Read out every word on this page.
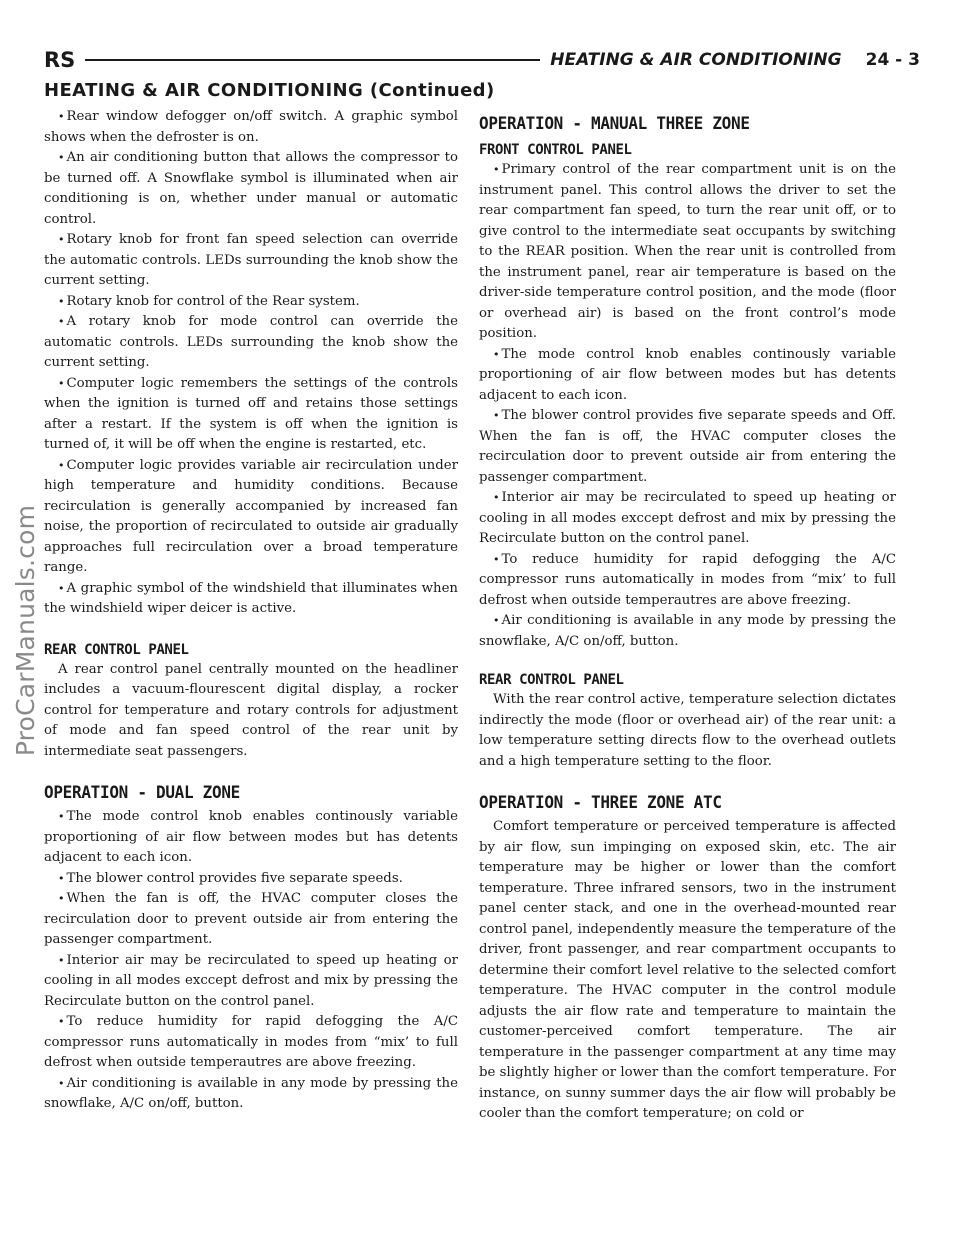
ProCarManuals.com
RS	HEATING & AIR CONDITIONING 24 - 3
HEATING & AIR CONDITIONING (Continued)

• Rear window defogger on/off switch. A graphic symbol shows when the defroster is on.

• An air conditioning button that allows the compressor to be turned off. A Snowflake symbol is illuminated when air conditioning is on, whether under manual or automatic control.

• Rotary knob for front fan speed selection can override the automatic controls. LEDs surrounding the knob show the current setting.

• Rotary knob for control of the Rear system.

• A rotary knob for mode control can override the automatic controls. LEDs surrounding the knob show the current setting.

• Computer logic remembers the settings of the controls when the ignition is turned off and retains those settings after a restart. If the system is off when the ignition is turned of, it will be off when the engine is restarted, etc.

• Computer logic provides variable air recirculation under high temperature and humidity conditions. Because recirculation is generally accompanied by increased fan noise, the proportion of recirculated to outside air gradually approaches full recirculation over a broad temperature range.

• A graphic symbol of the windshield that illuminates when the windshield wiper deicer is active.

REAR CONTROL PANEL

A rear control panel centrally mounted on the headliner includes a vacuum-flourescent digital display, a rocker control for temperature and rotary controls for adjustment of mode and fan speed control of the rear unit by intermediate seat passengers.

OPERATION - DUAL ZONE

• The mode control knob enables continously variable proportioning of air flow between modes but has detents adjacent to each icon.

• The blower control provides five separate speeds.

• When the fan is off, the HVAC computer closes the recirculation door to prevent outside air from entering the passenger compartment.

• Interior air may be recirculated to speed up heating or cooling in all modes exccept defrost and mix by pressing the Recirculate button on the control panel.

• To reduce humidity for rapid defogging the A/C compressor runs automatically in modes from “mix’ to full defrost when outside temperautres are above freezing.

• Air conditioning is available in any mode by pressing the snowflake, A/C on/off, button.

OPERATION - MANUAL THREE ZONE
FRONT CONTROL PANEL

• Primary control of the rear compartment unit is on the instrument panel. This control allows the driver to set the rear compartment fan speed, to turn the rear unit off, or to give control to the intermediate seat occupants by switching to the REAR position. When the rear unit is controlled from the instrument panel, rear air temperature is based on the driver-side temperature control position, and the mode (floor or overhead air) is based on the front control’s mode position.

• The mode control knob enables continously variable proportioning of air flow between modes but has detents adjacent to each icon.

• The blower control provides five separate speeds and Off. When the fan is off, the HVAC computer closes the recirculation door to prevent outside air from entering the passenger compartment.

• Interior air may be recirculated to speed up heating or cooling in all modes exccept defrost and mix by pressing the Recirculate button on the control panel.

• To reduce humidity for rapid defogging the A/C compressor runs automatically in modes from “mix’ to full defrost when outside temperautres are above freezing.

• Air conditioning is available in any mode by pressing the snowflake, A/C on/off, button.

REAR CONTROL PANEL

With the rear control active, temperature selection dictates indirectly the mode (floor or overhead air) of the rear unit: a low temperature setting directs flow to the overhead outlets and a high temperature setting to the floor.

OPERATION - THREE ZONE ATC

Comfort temperature or perceived temperature is affected by air flow, sun impinging on exposed skin, etc. The air temperature may be higher or lower than the comfort temperature. Three infrared sensors, two in the instrument panel center stack, and one in the overhead-mounted rear control panel, independently measure the temperature of the driver, front passenger, and rear compartment occupants to determine their comfort level relative to the selected comfort temperature. The HVAC computer in the control module adjusts the air flow rate and temperature to maintain the customer-perceived comfort temperature. The air temperature in the passenger compartment at any time may be slightly higher or lower than the comfort temperature. For instance, on sunny summer days the air flow will probably be cooler than the comfort temperature; on cold or
